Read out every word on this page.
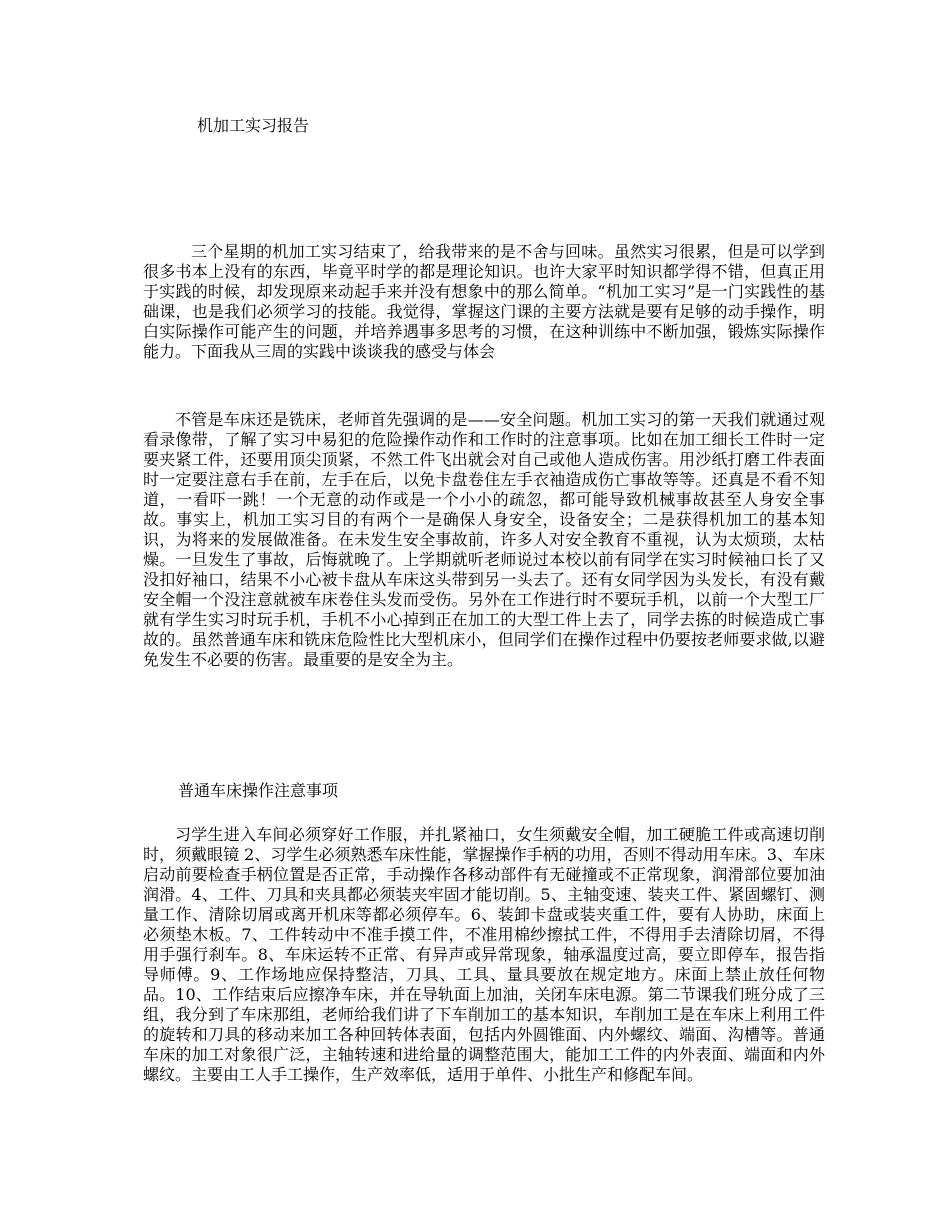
机加工实习报告

三个星期的机加工实习结束了，给我带来的是不舍与回味。虽然实习很累，但是可以学到很多书本上没有的东西，毕竟平时学的都是理论知识。也许大家平时知识都学得不错，但真正用于实践的时候，却发现原来动起手来并没有想象中的那么简单。“机加工实习”是一门实践性的基础课，也是我们必须学习的技能。我觉得，掌握这门课的主要方法就是要有足够的动手操作，明白实际操作可能产生的问题，并培养遇事多思考的习惯，在这种训练中不断加强，锻炼实际操作能力。下面我从三周的实践中谈谈我的感受与体会

不管是车床还是铣床，老师首先强调的是——安全问题。机加工实习的第一天我们就通过观看录像带，了解了实习中易犯的危险操作动作和工作时的注意事项。比如在加工细长工件时一定要夹紧工件，还要用顶尖顶紧，不然工件飞出就会对自己或他人造成伤害。用沙纸打磨工件表面时一定要注意右手在前，左手在后，以免卡盘卷住左手衣袖造成伤亡事故等等。还真是不看不知道，一看吓一跳！一个无意的动作或是一个小小的疏忽，都可能导致机械事故甚至人身安全事故。事实上，机加工实习目的有两个一是确保人身安全，设备安全；二是获得机加工的基本知识，为将来的发展做准备。在未发生安全事故前，许多人对安全教育不重视，认为太烦琐，太枯燥。一旦发生了事故，后悔就晚了。上学期就听老师说过本校以前有同学在实习时候袖口长了又没扣好袖口，结果不小心被卡盘从车床这头带到另一头去了。还有女同学因为头发长，有没有戴安全帽一个没注意就被车床卷住头发而受伤。另外在工作进行时不要玩手机，以前一个大型工厂就有学生实习时玩手机，手机不小心掉到正在加工的大型工件上去了，同学去拣的时候造成亡事故的。虽然普通车床和铣床危险性比大型机床小，但同学们在操作过程中仍要按老师要求做,以避免发生不必要的伤害。最重要的是安全为主。

普通车床操作注意事项

习学生进入车间必须穿好工作服，并扎紧袖口，女生须戴安全帽，加工硬脆工件或高速切削时，须戴眼镜 2、习学生必须熟悉车床性能，掌握操作手柄的功用，否则不得动用车床。3、车床启动前要检查手柄位置是否正常，手动操作各移动部件有无碰撞或不正常现象，润滑部位要加油润滑。4、工件、刀具和夹具都必须装夹牢固才能切削。5、主轴变速、装夹工件、紧固螺钉、测量工作、清除切屑或离开机床等都必须停车。6、装卸卡盘或装夹重工件，要有人协助，床面上必须垫木板。7、工件转动中不准手摸工件，不准用棉纱擦拭工件，不得用手去清除切屑，不得用手强行刹车。8、车床运转不正常、有异声或异常现象，轴承温度过高，要立即停车，报告指导师傅。9、工作场地应保持整洁，刀具、工具、量具要放在规定地方。床面上禁止放任何物品。10、工作结束后应擦净车床，并在导轨面上加油，关闭车床电源。第二节课我们班分成了三组，我分到了车床那组，老师给我们讲了下车削加工的基本知识，车削加工是在车床上利用工件的旋转和刀具的移动来加工各种回转体表面，包括内外圆锥面、内外螺纹、端面、沟槽等。普通车床的加工对象很广泛，主轴转速和进给量的调整范围大，能加工工件的内外表面、端面和内外螺纹。主要由工人手工操作，生产效率低，适用于单件、小批生产和修配车间。
